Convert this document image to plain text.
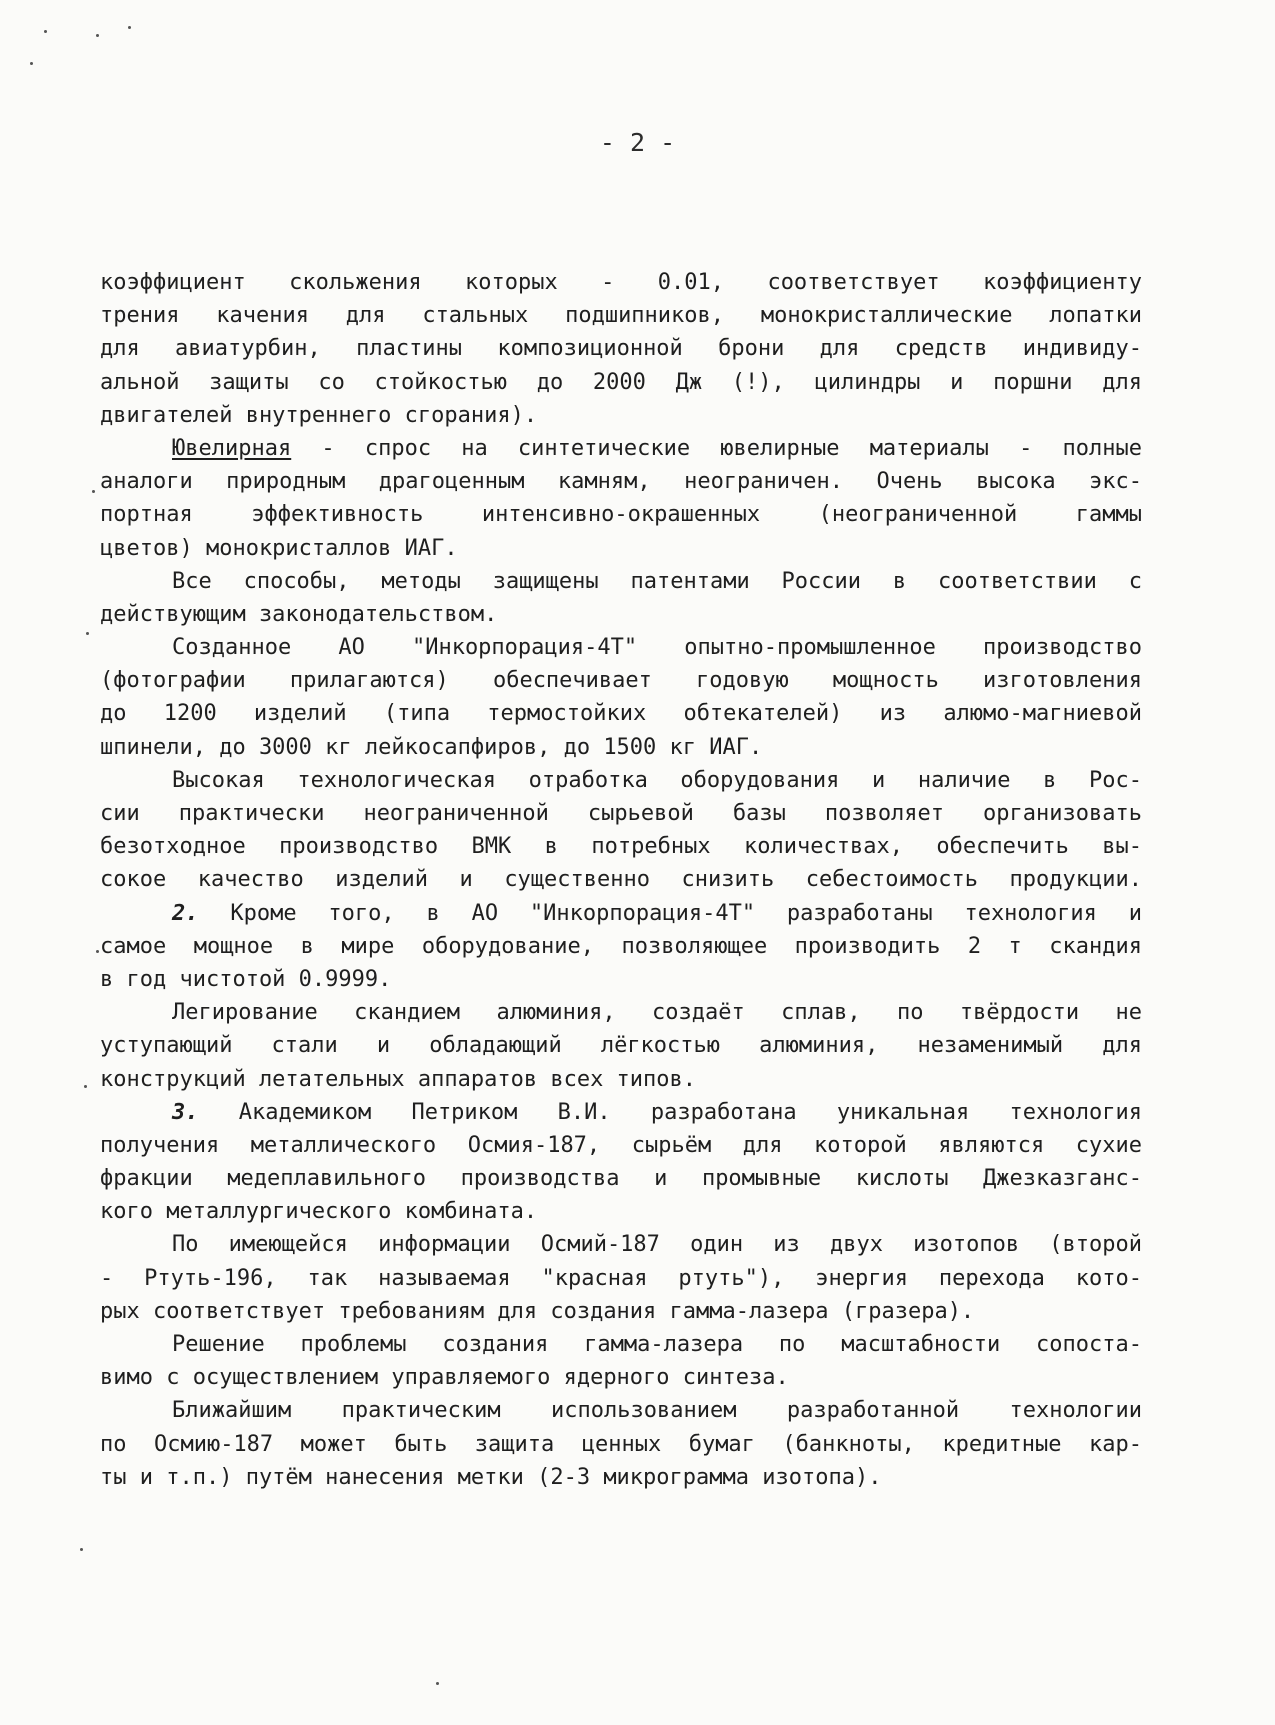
- 2 -
коэффициент скольжения которых - 0.01, соответствует коэффициенту
трения качения для стальных подшипников, монокристаллические лопатки
для авиатурбин, пластины композиционной брони для средств индивиду-
альной защиты со стойкостью до 2000 Дж (!), цилиндры и поршни для
двигателей внутреннего сгорания).
Ювелирная - спрос на синтетические ювелирные материалы - полные
аналоги природным драгоценным камням, неограничен. Очень высока экс-
портная эффективность интенсивно-окрашенных (неограниченной гаммы
цветов) монокристаллов ИАГ.
Все способы, методы защищены патентами России в соответствии с
действующим законодательством.
Созданное АО "Инкорпорация-4Т" опытно-промышленное производство
(фотографии прилагаются) обеспечивает годовую мощность изготовления
до 1200 изделий (типа термостойких обтекателей) из алюмо-магниевой
шпинели, до 3000 кг лейкосапфиров, до 1500 кг ИАГ.
Высокая технологическая отработка оборудования и наличие в Рос-
сии практически неограниченной сырьевой базы позволяет организовать
безотходное производство ВМК в потребных количествах, обеспечить вы-
сокое качество изделий и существенно снизить себестоимость продукции.
2. Кроме того, в АО "Инкорпорация-4Т" разработаны технология и
самое мощное в мире оборудование, позволяющее производить 2 т скандия
в год чистотой 0.9999.
Легирование скандием алюминия, создаёт сплав, по твёрдости не
уступающий стали и обладающий лёгкостью алюминия, незаменимый для
конструкций летательных аппаратов всех типов.
3. Академиком Петриком В.И. разработана уникальная технология
получения металлического Осмия-187, сырьём для которой являются сухие
фракции медеплавильного производства и промывные кислоты Джезказганс-
кого металлургического комбината.
По имеющейся информации Осмий-187 один из двух изотопов (второй
- Ртуть-196, так называемая "красная ртуть"), энергия перехода кото-
рых соответствует требованиям для создания гамма-лазера (гразера).
Решение проблемы создания гамма-лазера по масштабности сопоста-
вимо с осуществлением управляемого ядерного синтеза.
Ближайшим практическим использованием разработанной технологии
по Осмию-187 может быть защита ценных бумаг (банкноты, кредитные кар-
ты и т.п.) путём нанесения метки (2-3 микрограмма изотопа).
